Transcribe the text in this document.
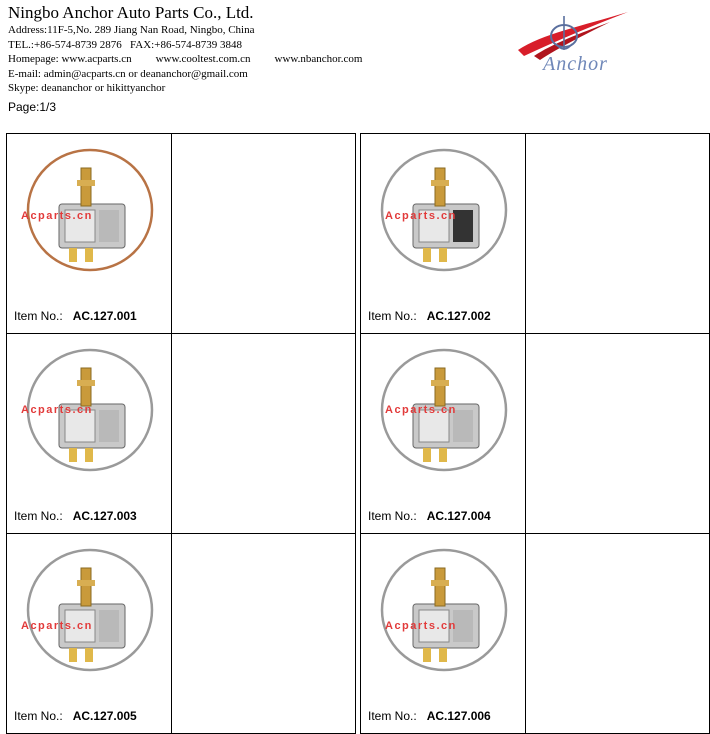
Ningbo Anchor Auto Parts Co., Ltd.
Address:11F-5,No. 289 Jiang Nan Road, Ningbo, China
TEL.:+86-574-8739 2876   FAX:+86-574-8739 3848
Homepage: www.acparts.cn www.cooltest.com.cn www.nbanchor.com
E-mail: admin@acparts.cn or deananchor@gmail.com
Skype: deananchor or hikittyanchor
Page:1/3
Anchor
Acparts.cn
Item No.: AC.127.001
Acparts.cn
Item No.: AC.127.002
Acparts.cn
Item No.: AC.127.003
Acparts.cn
Item No.: AC.127.004
Acparts.cn
Item No.: AC.127.005
Acparts.cn
Item No.: AC.127.006
